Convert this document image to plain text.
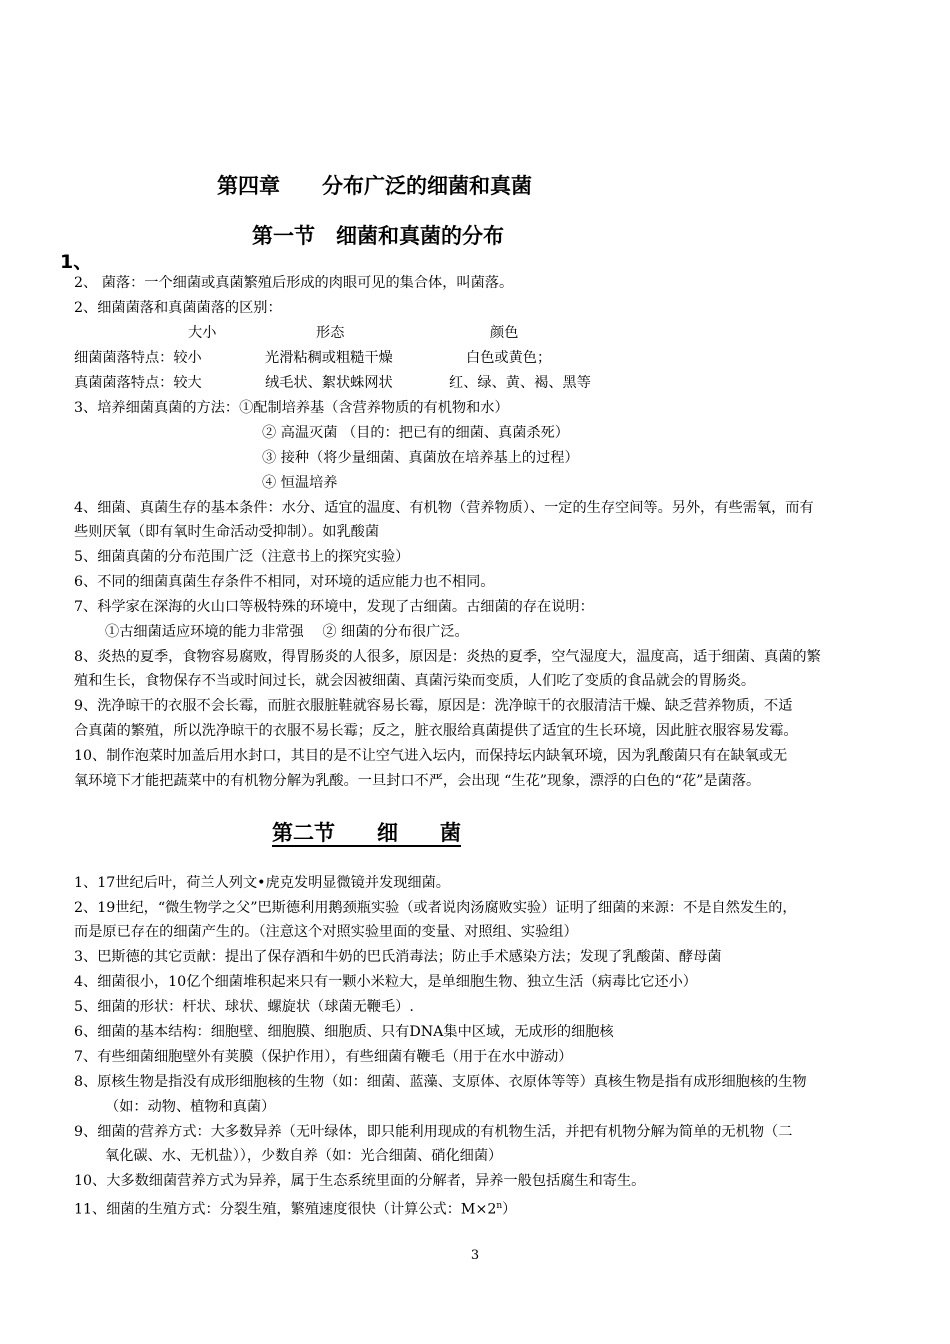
第四章　　分布广泛的细菌和真菌
第一节　细菌和真菌的分布
1、
2、 菌落：一个细菌或真菌繁殖后形成的肉眼可见的集合体，叫菌落。
2、细菌菌落和真菌菌落的区别：
大小	形态	颜色
细菌菌落特点：较小	光滑粘稠或粗糙干燥	白色或黄色；
真菌菌落特点：较大	绒毛状、絮状蛛网状	红、绿、黄、褐、黑等
3、培养细菌真菌的方法：①配制培养基（含营养物质的有机物和水）
② 高温灭菌 （目的：把已有的细菌、真菌杀死）
③ 接种（将少量细菌、真菌放在培养基上的过程）
④ 恒温培养
4、细菌、真菌生存的基本条件：水分、适宜的温度、有机物（营养物质）、一定的生存空间等。另外，有些需氧，而有
些则厌氧（即有氧时生命活动受抑制）。如乳酸菌
5、细菌真菌的分布范围广泛（注意书上的探究实验）
6、不同的细菌真菌生存条件不相同，对环境的适应能力也不相同。
7、科学家在深海的火山口等极特殊的环境中，发现了古细菌。古细菌的存在说明：
①古细菌适应环境的能力非常强　 ② 细菌的分布很广泛。
8、炎热的夏季，食物容易腐败，得胃肠炎的人很多，原因是：炎热的夏季，空气湿度大，温度高，适于细菌、真菌的繁
殖和生长，食物保存不当或时间过长，就会因被细菌、真菌污染而变质，人们吃了变质的食品就会的胃肠炎。
9、洗净晾干的衣服不会长霉，而脏衣服脏鞋就容易长霉，原因是：洗净晾干的衣服清洁干燥、缺乏营养物质，不适
合真菌的繁殖，所以洗净晾干的衣服不易长霉；反之，脏衣服给真菌提供了适宜的生长环境，因此脏衣服容易发霉。
10、制作泡菜时加盖后用水封口，其目的是不让空气进入坛内，而保持坛内缺氧环境，因为乳酸菌只有在缺氧或无
氧环境下才能把蔬菜中的有机物分解为乳酸。一旦封口不严，会出现 “生花”现象，漂浮的白色的“花”是菌落。
第二节　　细　　菌
1、17世纪后叶，荷兰人列文•虎克发明显微镜并发现细菌。
2、19世纪，“微生物学之父”巴斯德利用鹅颈瓶实验（或者说肉汤腐败实验）证明了细菌的来源：不是自然发生的，
而是原已存在的细菌产生的。（注意这个对照实验里面的变量、对照组、实验组）
3、巴斯德的其它贡献：提出了保存酒和牛奶的巴氏消毒法；防止手术感染方法；发现了乳酸菌、酵母菌
4、细菌很小，10亿个细菌堆积起来只有一颗小米粒大，是单细胞生物、独立生活（病毒比它还小）
5、细菌的形状：杆状、球状、螺旋状（球菌无鞭毛）.
6、细菌的基本结构：细胞壁、细胞膜、细胞质、只有DNA集中区域，无成形的细胞核
7、有些细菌细胞壁外有荚膜（保护作用），有些细菌有鞭毛（用于在水中游动）
8、原核生物是指没有成形细胞核的生物（如：细菌、蓝藻、支原体、衣原体等等）真核生物是指有成形细胞核的生物
（如：动物、植物和真菌）
9、细菌的营养方式：大多数异养（无叶绿体，即只能利用现成的有机物生活，并把有机物分解为简单的无机物（二
氧化碳、水、无机盐）），少数自养（如：光合细菌、硝化细菌）
10、大多数细菌营养方式为异养，属于生态系统里面的分解者，异养一般包括腐生和寄生。
11、细菌的生殖方式：分裂生殖，繁殖速度很快（计算公式：$M\times 2^n$）
3
